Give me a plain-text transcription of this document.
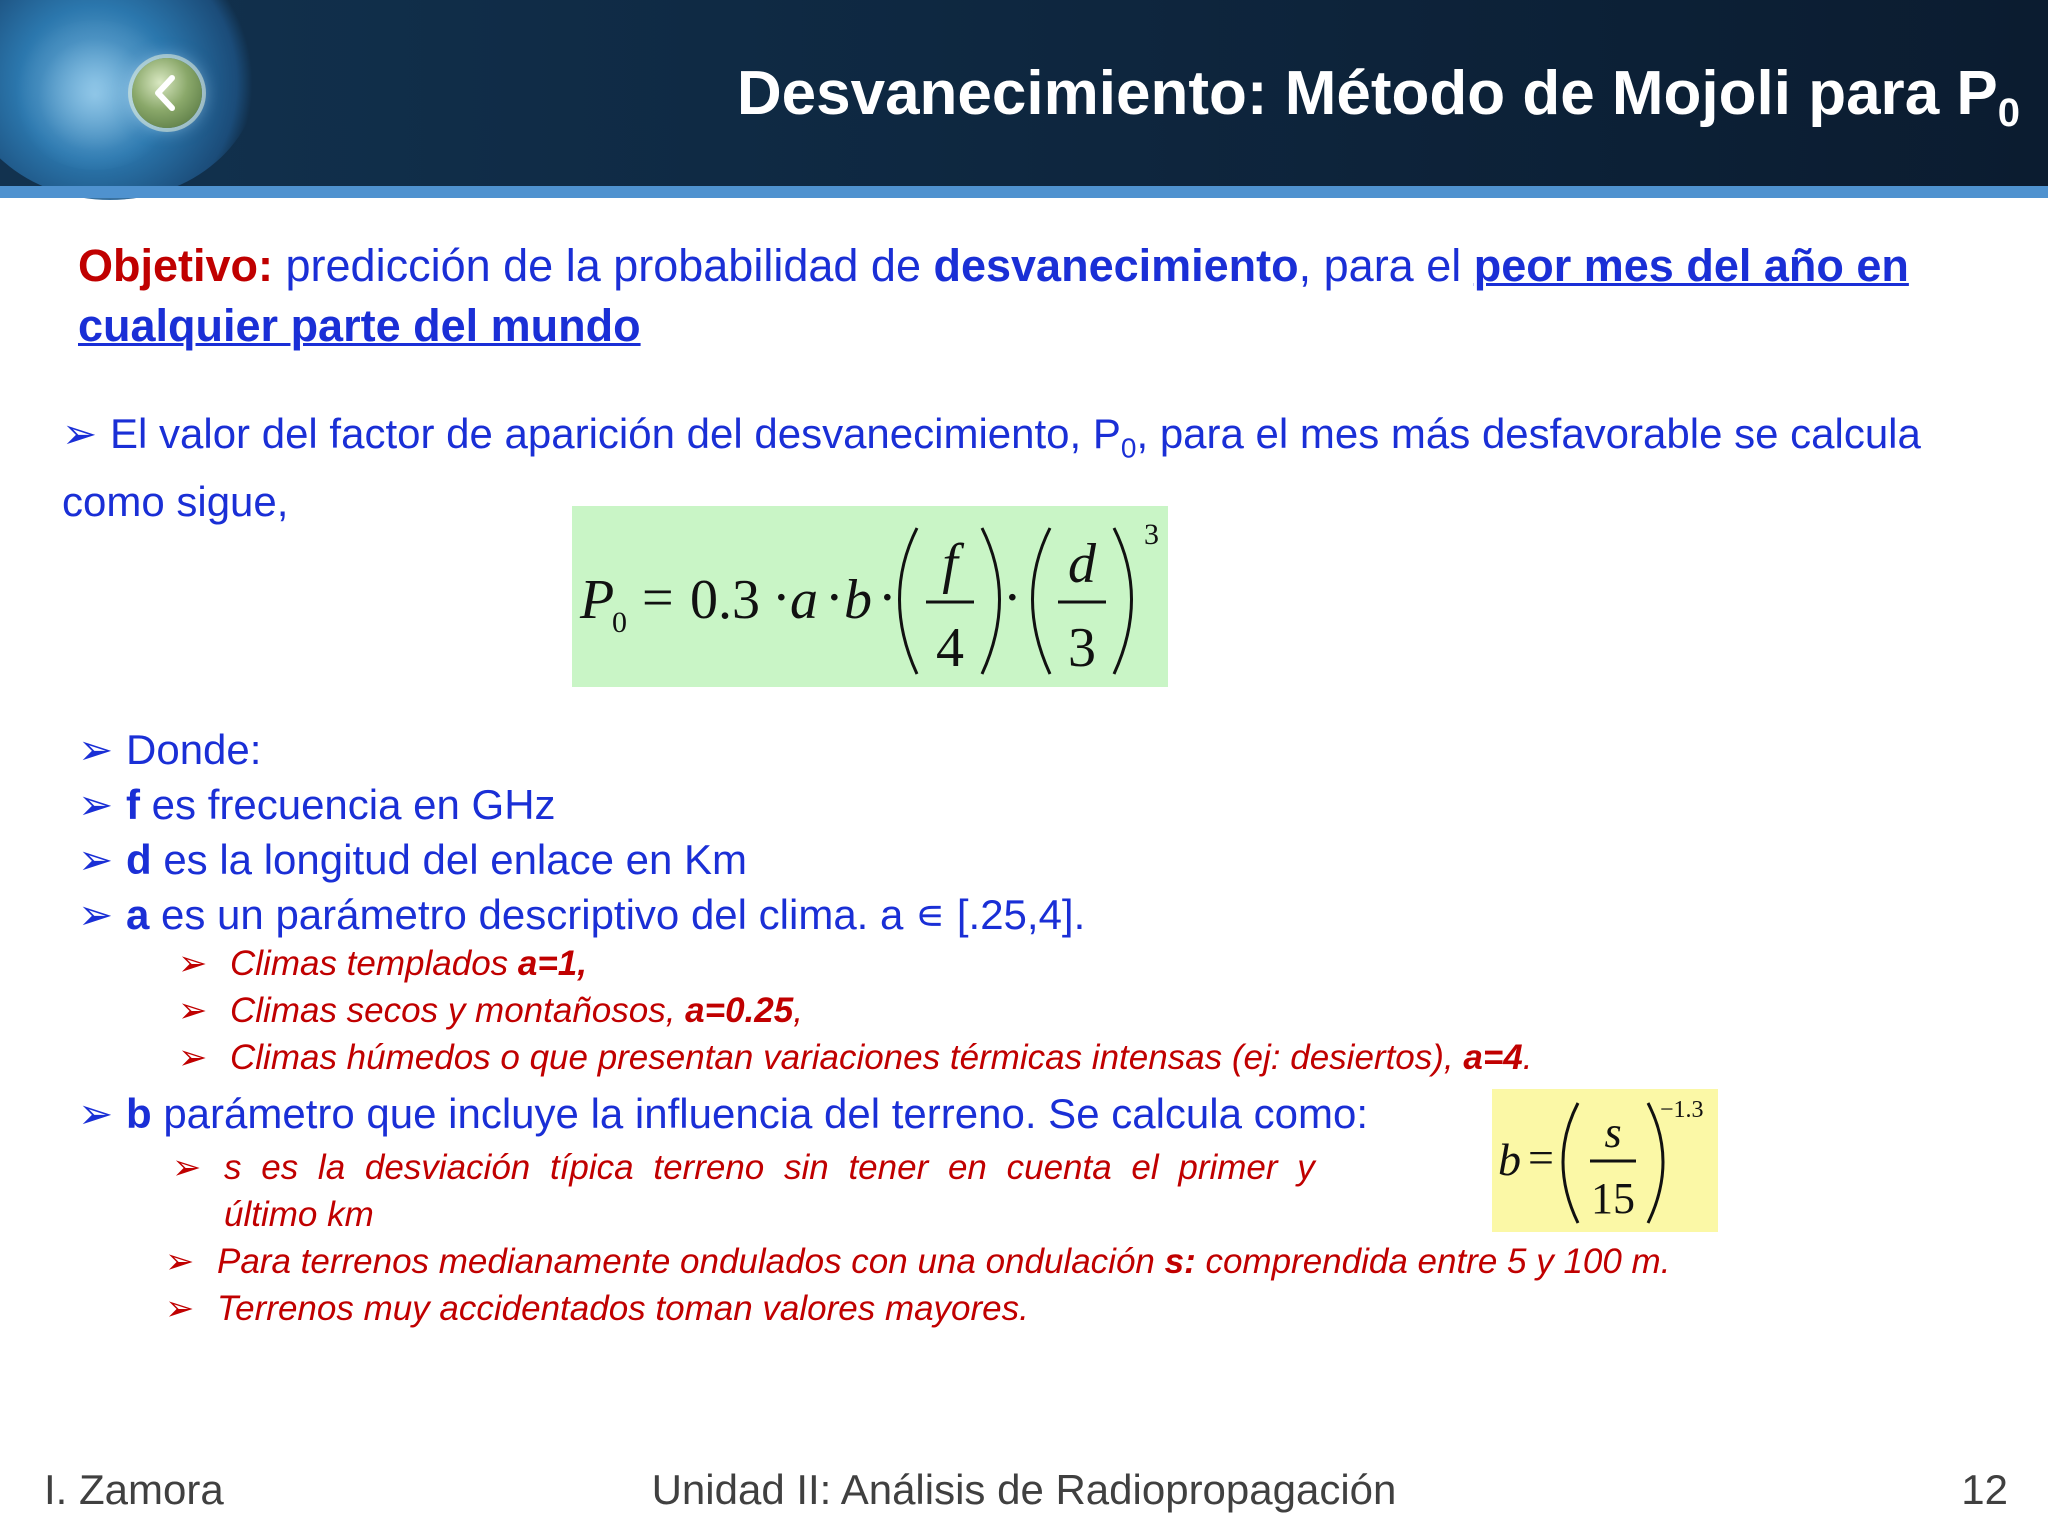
Desvanecimiento: Método de Mojoli para $P_0$
Objetivo: predicción de la probabilidad de desvanecimiento, para el peor mes del año en cualquier parte del mundo
➢ El valor del factor de aparición del desvanecimiento, $P_0$, para el mes más desfavorable se calcula como sigue,
P
0 = 0.3 · a · b ·
f
4
·
d
3
3
➢ Donde:
➢ f es frecuencia en GHz
➢ d es la longitud del enlace en Km
➢ a es un parámetro descriptivo del clima. a ∊ [.25,4].
➢ Climas templados a=1,
➢ Climas secos y montañosos, a=0.25,
➢ Climas húmedos o que presentan variaciones térmicas intensas (ej: desiertos), a=4.
➢ b parámetro que incluye la influencia del terreno. Se calcula como:
➢ s es la desviación típica terreno sin tener en cuenta el primer y
último km
b = s
15
−1.3
➢ Para terrenos medianamente ondulados con una ondulación s: comprendida entre 5 y 100 m.
➢ Terrenos muy accidentados toman valores mayores.
I. Zamora	Unidad II: Análisis de Radiopropagación	12
